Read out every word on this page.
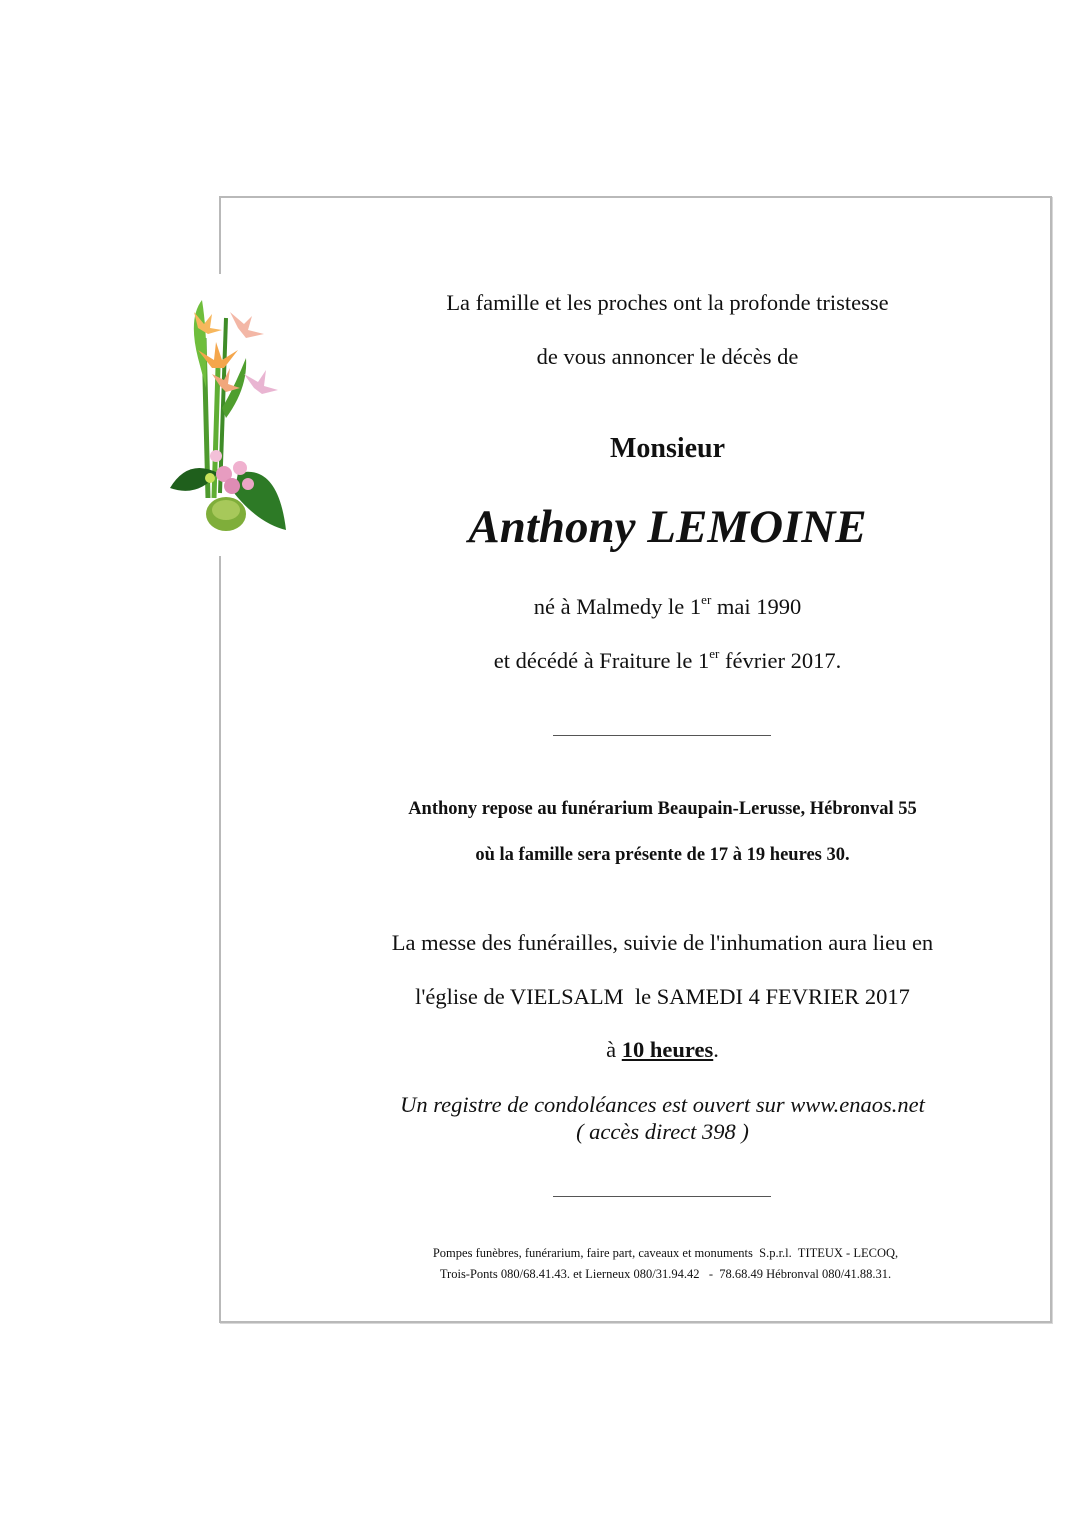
La famille et les proches ont la profonde tristesse
de vous annoncer le décès de
Monsieur
Anthony LEMOINE
né à Malmedy le 1er mai 1990
et décédé à Fraiture le 1er février 2017.
Anthony repose au funérarium Beaupain-Lerusse, Hébronval 55
où la famille sera présente de 17 à 19 heures 30.
La messe des funérailles, suivie de l'inhumation aura lieu en
l'église de VIELSALM  le SAMEDI 4 FEVRIER 2017
à 10 heures.
Un registre de condoléances est ouvert sur www.enaos.net
( accès direct 398 )
Pompes funèbres, funérarium, faire part, caveaux et monuments  S.p.r.l.  TITEUX - LECOQ,
Trois-Ponts 080/68.41.43. et Lierneux 080/31.94.42   -  78.68.49 Hébronval 080/41.88.31.
